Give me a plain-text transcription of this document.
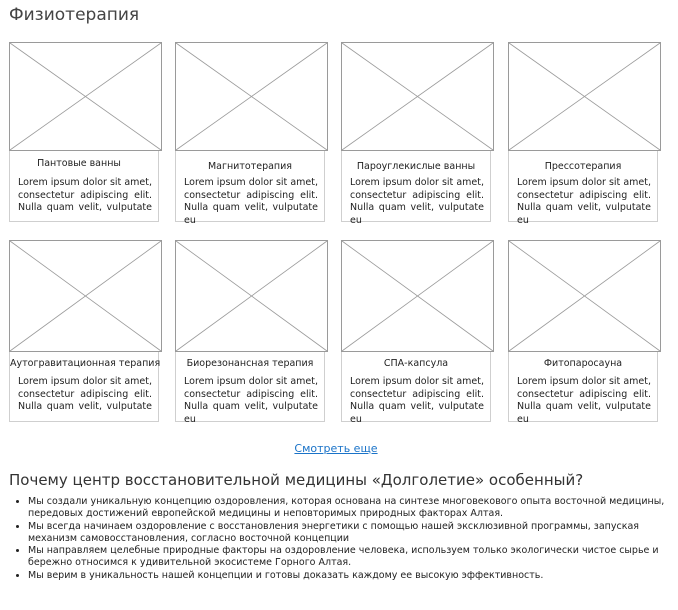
Физиотерапия
Пантовые ванны
Lorem ipsum dolor sit amet, consectetur adipiscing elit. Nulla quam velit, vulputate
Магнитотерапия
Lorem ipsum dolor sit amet, consectetur adipiscing elit. Nulla quam velit, vulputate eu
Пароуглекислые ванны
Lorem ipsum dolor sit amet, consectetur adipiscing elit. Nulla quam velit, vulputate eu
Прессотерапия
Lorem ipsum dolor sit amet, consectetur adipiscing elit. Nulla quam velit, vulputate eu
Аутогравитационная терапия
Lorem ipsum dolor sit amet, consectetur adipiscing elit. Nulla quam velit, vulputate
Биорезонансная терапия
Lorem ipsum dolor sit amet, consectetur adipiscing elit. Nulla quam velit, vulputate eu
СПА-капсула
Lorem ipsum dolor sit amet, consectetur adipiscing elit. Nulla quam velit, vulputate eu
Фитопаросауна
Lorem ipsum dolor sit amet, consectetur adipiscing elit. Nulla quam velit, vulputate eu
Смотреть еще
Почему центр восстановительной медицины «Долголетие» особенный?
• Мы создали уникальную концепцию оздоровления, которая основана на синтезе многовекового опыта восточной медицины, передовых достижений европейской медицины и неповторимых природных факторах Алтая.
• Мы всегда начинаем оздоровление с восстановления энергетики с помощью нашей эксклюзивной программы, запуская механизм самовосстановления, согласно восточной концепции
• Мы направляем целебные природные факторы на оздоровление человека, используем только экологически чистое сырье и бережно относимся к удивительной экосистеме Горного Алтая.
• Мы верим в уникальность нашей концепции и готовы доказать каждому ее высокую эффективность.
